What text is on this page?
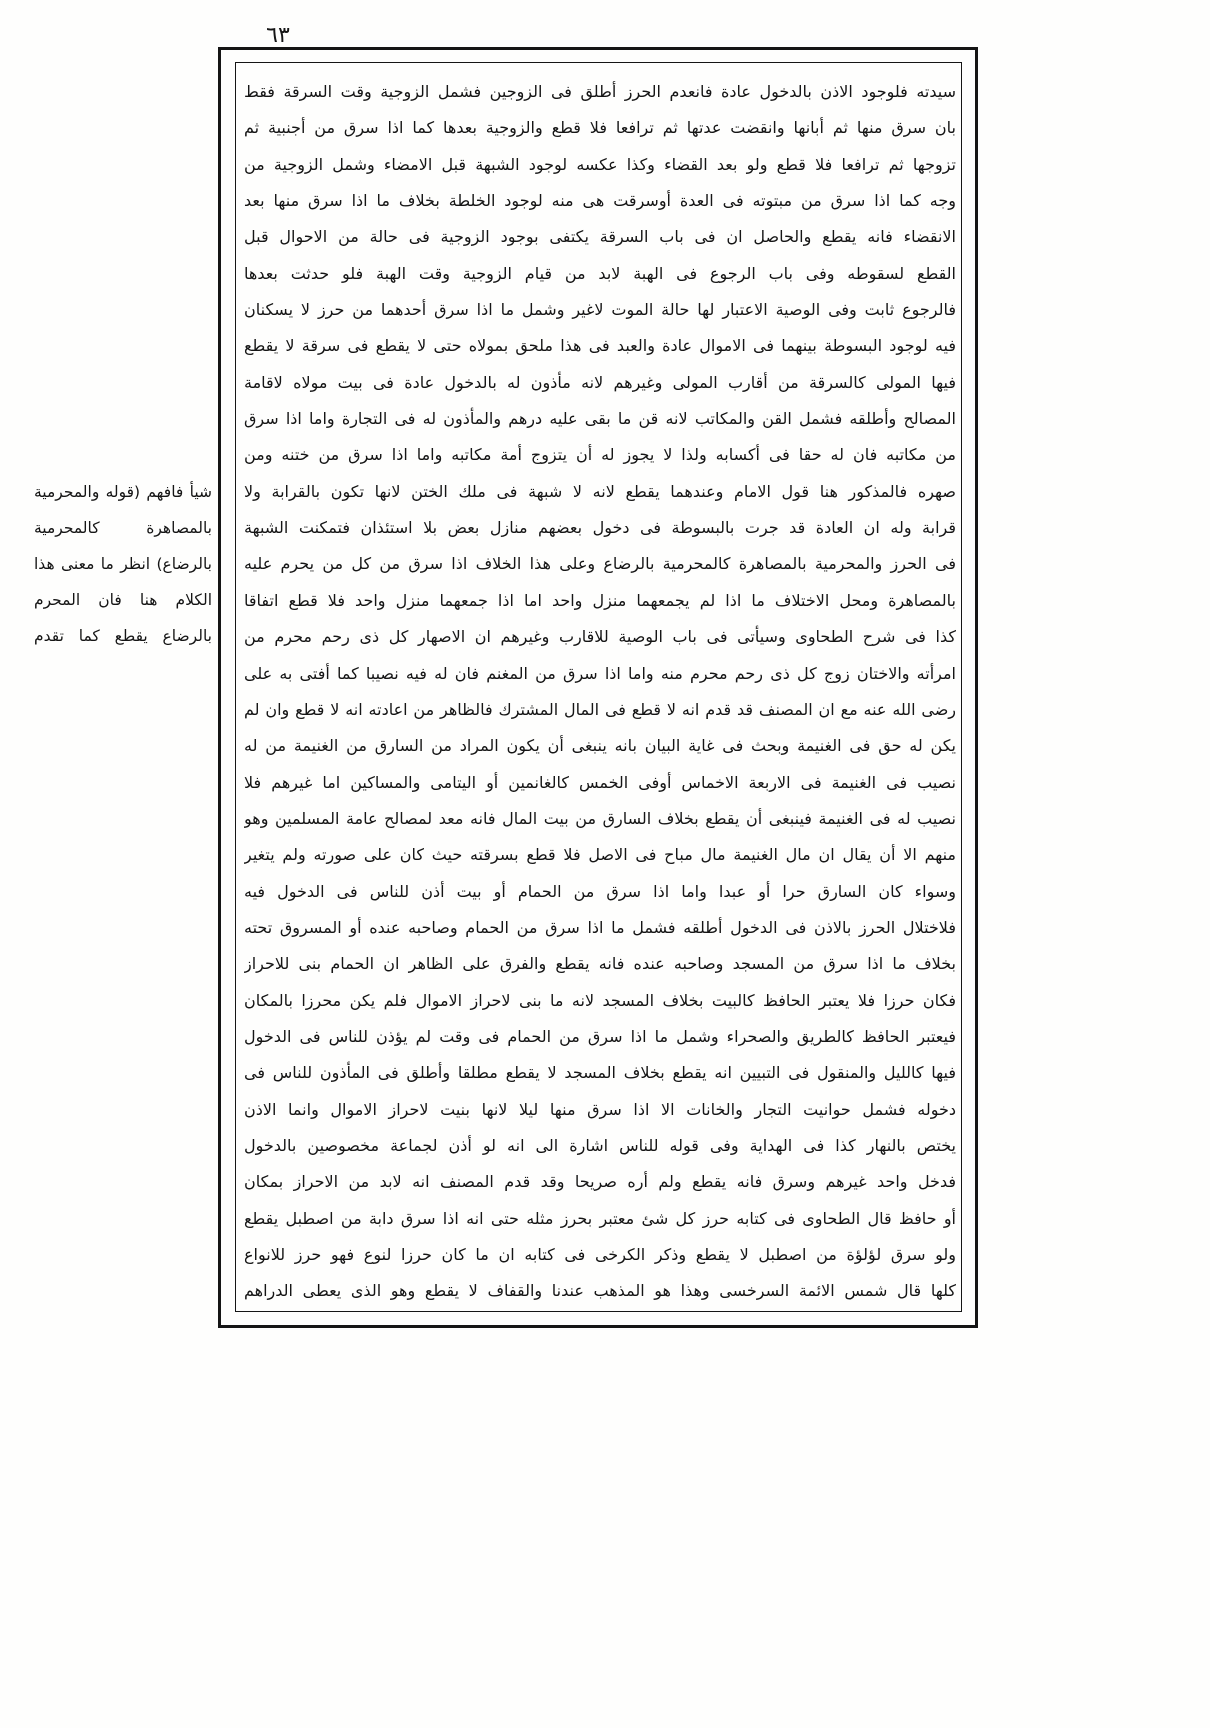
٦٣
سيدته فلوجود الاذن بالدخول عادة فانعدم الحرز أطلق فى الزوجين فشمل الزوجية وقت السرقة فقط
بان سرق منها ثم أبانها وانقضت عدتها ثم ترافعا فلا قطع والزوجية بعدها كما اذا سرق من أجنبية ثم
تزوجها ثم ترافعا فلا قطع ولو بعد القضاء وكذا عكسه لوجود الشبهة قبل الامضاء وشمل الزوجية من
وجه كما اذا سرق من مبتوته فى العدة أوسرقت هى منه لوجود الخلطة بخلاف ما اذا سرق منها بعد
الانقضاء فانه يقطع والحاصل ان فى باب السرقة يكتفى بوجود الزوجية فى حالة من الاحوال قبل
القطع لسقوطه وفى باب الرجوع فى الهبة لابد من قيام الزوجية وقت الهبة فلو حدثت بعدها
فالرجوع ثابت وفى الوصية الاعتبار لها حالة الموت لاغير وشمل ما اذا سرق أحدهما من حرز لا يسكنان
فيه لوجود البسوطة بينهما فى الاموال عادة والعبد فى هذا ملحق بمولاه حتى لا يقطع فى سرقة لا يقطع
فيها المولى كالسرقة من أقارب المولى وغيرهم لانه مأذون له بالدخول عادة فى بيت مولاه لاقامة
المصالح وأطلقه فشمل القن والمكاتب لانه قن ما بقى عليه درهم والمأذون له فى التجارة واما اذا سرق
من مكاتبه فان له حقا فى أكسابه ولذا لا يجوز له أن يتزوج أمة مكاتبه واما اذا سرق من ختنه ومن
صهره فالمذكور هنا قول الامام وعندهما يقطع لانه لا شبهة فى ملك الختن لانها تكون بالقرابة ولا
قرابة وله ان العادة قد جرت بالبسوطة فى دخول بعضهم منازل بعض بلا استئذان فتمكنت الشبهة
فى الحرز والمحرمية بالمصاهرة كالمحرمية بالرضاع وعلى هذا الخلاف اذا سرق من كل من يحرم عليه
بالمصاهرة ومحل الاختلاف ما اذا لم يجمعهما منزل واحد اما اذا جمعهما منزل واحد فلا قطع اتفاقا
كذا فى شرح الطحاوى وسيأتى فى باب الوصية للاقارب وغيرهم ان الاصهار كل ذى رحم محرم من
امرأته والاختان زوج كل ذى رحم محرم منه واما اذا سرق من المغنم فان له فيه نصيبا كما أفتى به على
رضى الله عنه مع ان المصنف قد قدم انه لا قطع فى المال المشترك فالظاهر من اعادته انه لا قطع وان لم
يكن له حق فى الغنيمة وبحث فى غاية البيان بانه ينبغى أن يكون المراد من السارق من الغنيمة من له
نصيب فى الغنيمة فى الاربعة الاخماس أوفى الخمس كالغانمين أو اليتامى والمساكين اما غيرهم فلا
نصيب له فى الغنيمة فينبغى أن يقطع بخلاف السارق من بيت المال فانه معد لمصالح عامة المسلمين وهو
منهم الا أن يقال ان مال الغنيمة مال مباح فى الاصل فلا قطع بسرقته حيث كان على صورته ولم يتغير
وسواء كان السارق حرا أو عبدا واما اذا سرق من الحمام أو بيت أذن للناس فى الدخول فيه
فلاختلال الحرز بالاذن فى الدخول أطلقه فشمل ما اذا سرق من الحمام وصاحبه عنده أو المسروق تحته
بخلاف ما اذا سرق من المسجد وصاحبه عنده فانه يقطع والفرق على الظاهر ان الحمام بنى للاحراز
فكان حرزا فلا يعتبر الحافظ كالبيت بخلاف المسجد لانه ما بنى لاحراز الاموال فلم يكن محرزا بالمكان
فيعتبر الحافظ كالطريق والصحراء وشمل ما اذا سرق من الحمام فى وقت لم يؤذن للناس فى الدخول
فيها كالليل والمنقول فى التبيين انه يقطع بخلاف المسجد لا يقطع مطلقا وأطلق فى المأذون للناس فى
دخوله فشمل حوانيت التجار والخانات الا اذا سرق منها ليلا لانها بنيت لاحراز الاموال وانما الاذن
يختص بالنهار كذا فى الهداية وفى قوله للناس اشارة الى انه لو أذن لجماعة مخصوصين بالدخول
فدخل واحد غيرهم وسرق فانه يقطع ولم أره صريحا وقد قدم المصنف انه لابد من الاحراز بمكان
أو حافظ قال الطحاوى فى كتابه حرز كل شئ معتبر بحرز مثله حتى انه اذا سرق دابة من اصطبل يقطع
ولو سرق لؤلؤة من اصطبل لا يقطع وذكر الكرخى فى كتابه ان ما كان حرزا لنوع فهو حرز للانواع
كلها قال شمس الائمة السرخسى وهذا هو المذهب عندنا والقفاف لا يقطع وهو الذى يعطى الدراهم
شيأ فافهم (قوله والمحرمية
بالمصاهرة كالمحرمية
بالرضاع) انظر ما معنى هذا
الكلام هنا فان المحرم
بالرضاع يقطع كما تقدم
